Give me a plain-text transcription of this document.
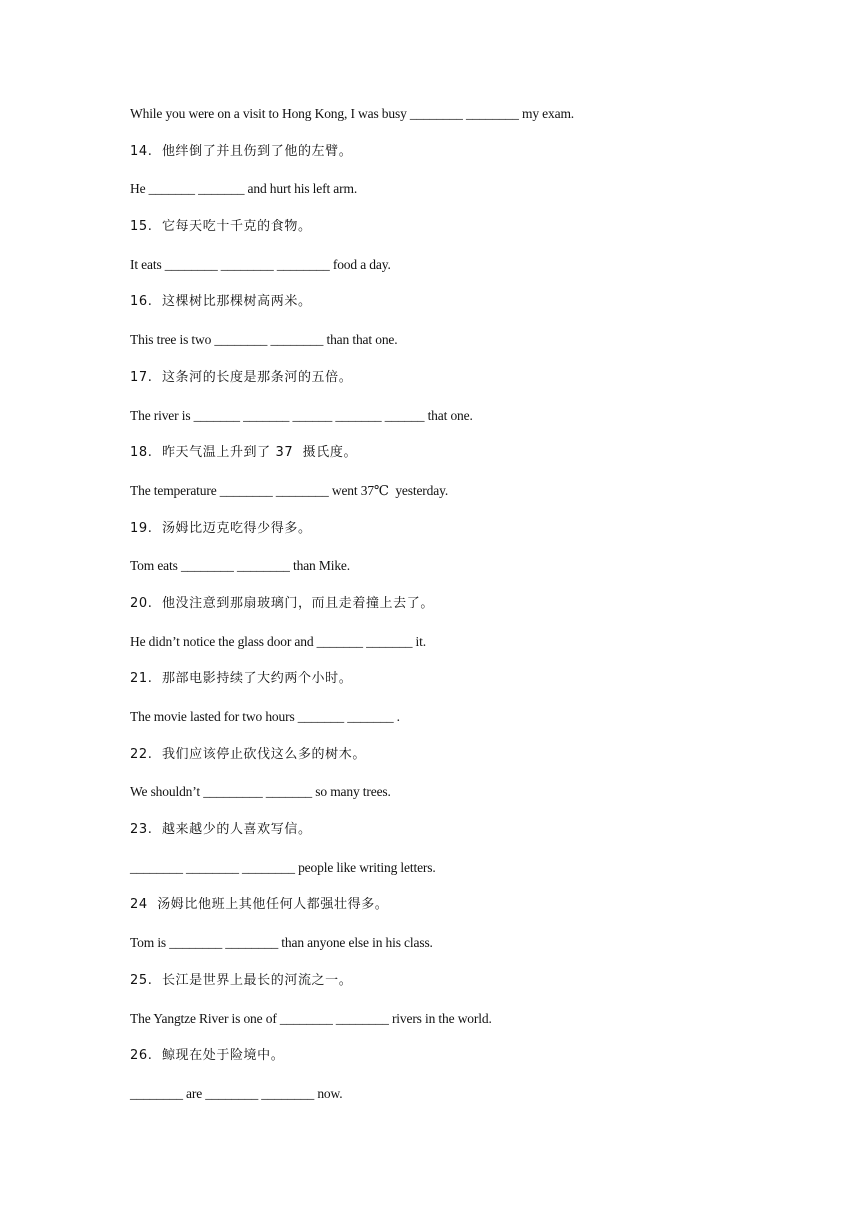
While you were on a visit to Hong Kong, I was busy ________ ________ my exam.
14.  他绊倒了并且伤到了他的左臂。
He _______ _______ and hurt his left arm.
15.  它每天吃十千克的食物。
It eats ________ ________ ________ food a day.
16.  这棵树比那棵树高两米。
This tree is two ________ ________ than that one.
17.  这条河的长度是那条河的五倍。
The river is _______ _______ ______ _______ ______ that one.
18.  昨天气温上升到了 37  摄氏度。
The temperature ________ ________ went 37℃  yesterday.
19.  汤姆比迈克吃得少得多。
Tom eats ________ ________ than Mike.
20.  他没注意到那扇玻璃门，而且走着撞上去了。
He didn’t notice the glass door and _______ _______ it.
21.  那部电影持续了大约两个小时。
The movie lasted for two hours _______ _______ .
22.  我们应该停止砍伐这么多的树木。
We shouldn’t _________ _______ so many trees.
23.  越来越少的人喜欢写信。
________ ________ ________ people like writing letters.
24  汤姆比他班上其他任何人都强壮得多。
Tom is ________ ________ than anyone else in his class.
25.  长江是世界上最长的河流之一。
The Yangtze River is one of ________ ________ rivers in the world.
26.  鲸现在处于险境中。
________ are ________ ________ now.
